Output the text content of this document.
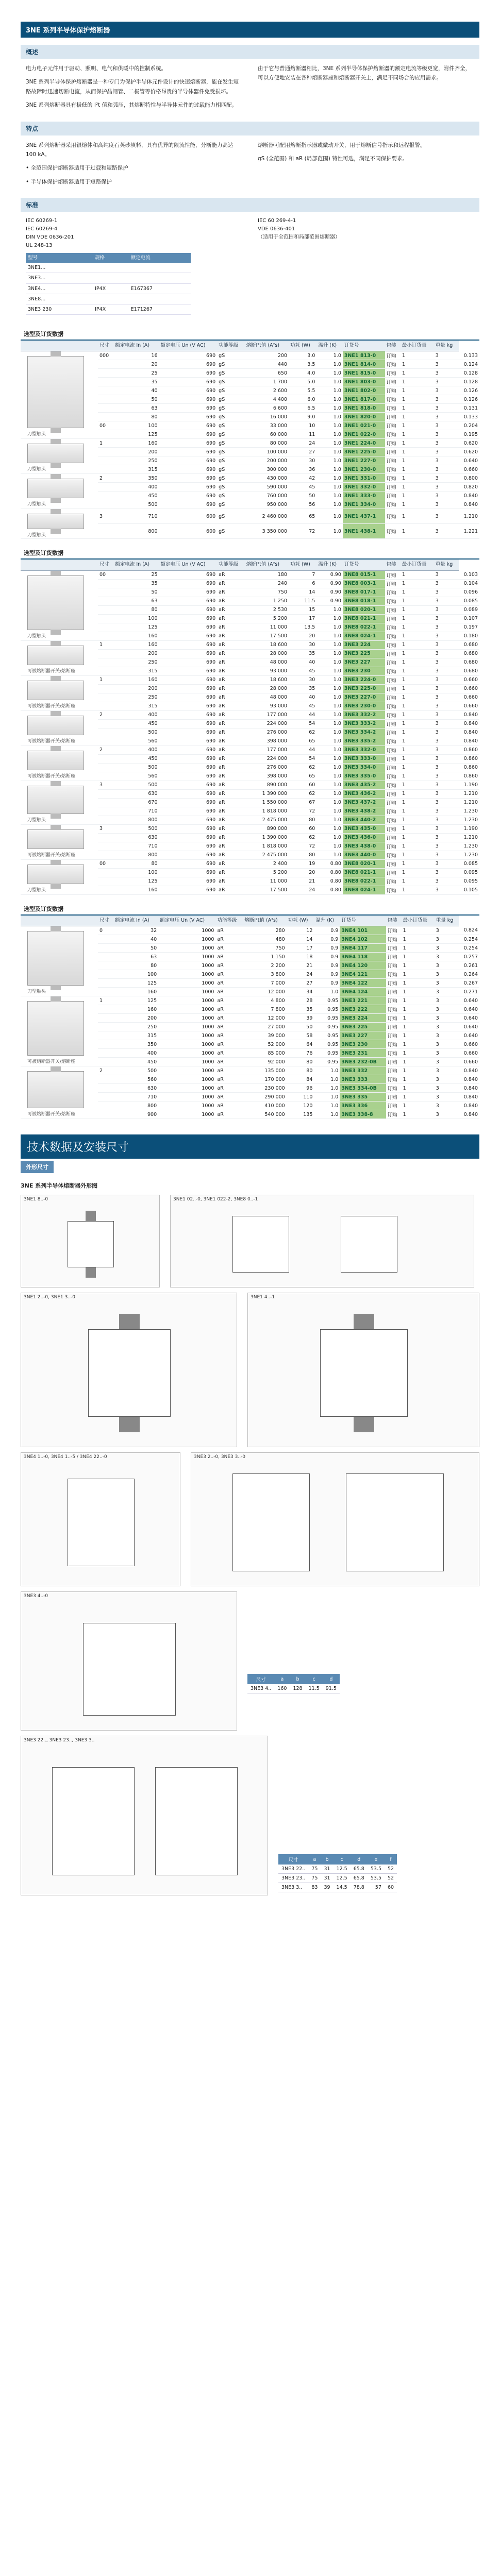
3NE 系列半导体保护熔断器
概述

电力电子元件用于驱动、照明、电气和供暖中的控制系统。

3NE 系列半导体保护熔断器是一种专门为保护半导体元件设计的快速熔断器，能在发生短路故障时迅速切断电流，从而保护晶闸管、二极管等价格昂贵的半导体器件免受损坏。

3NE 系列熔断器具有极低的 I²t 值和弧压，其熔断特性与半导体元件的过载能力相匹配。

由于它与普通熔断器相比，3NE 系列半导体保护熔断器的额定电流等级更宽，附件齐全，可以方便地安装在各种熔断器座和熔断器开关上，满足不同场合的应用需求。

特点

3NE 系列熔断器采用银熔体和高纯度石英砂填料，具有优异的限流性能，分断能力高达 100 kA。

• 全范围保护熔断器适用于过载和短路保护

• 半导体保护熔断器适用于短路保护

熔断器可配用熔断指示器或微动开关，用于熔断信号指示和远程报警。

gS (全范围) 和 aR (局部范围) 特性可选，满足不同保护要求。

标准
IEC 60269-1
IEC 60269-4
DIN VDE 0636-201
UL 248-13
型号	规格	额定电流
3NE1...		
3NE3...		
3NE4...	IP4X	E167367
3NE8...		
3NE3 230	IP4X	E171267
IEC 60 269-4-1
VDE 0636-401
（适用于全范围和局部范围熔断器）
选型及订货数据
	尺寸	额定电流 In (A)	额定电压 Un (V AC)	功能等级	熔断I²t值 (A²s)	功耗 (W)	温升 (K)	订货号	包装	最小订货量	重量 kg	

刀型触头	000	16	690	gS	200	3.0	1.0	3NE1 813-0	订购	1	3	0.133
		20	690	gS	440	3.5	1.0	3NE1 814-0	订购	1	3	0.124
		25	690	gS	650	4.0	1.0	3NE1 815-0	订购	1	3	0.128
		35	690	gS	1 700	5.0	1.0	3NE1 803-0	订购	1	3	0.128
		40	690	gS	2 600	5.5	1.0	3NE1 802-0	订购	1	3	0.126
		50	690	gS	4 400	6.0	1.0	3NE1 817-0	订购	1	3	0.126
		63	690	gS	6 600	6.5	1.0	3NE1 818-0	订购	1	3	0.131
		80	690	gS	16 000	9.0	1.0	3NE1 820-0	订购	1	3	0.133
	00	100	690	gS	33 000	10	1.0	3NE1 021-0	订购	1	3	0.204
		125	690	gS	60 000	11	1.0	3NE1 022-0	订购	1	3	0.195

刀型触头	1	160	690	gS	80 000	24	1.0	3NE1 224-0	订购	1	3	0.620
		200	690	gS	100 000	27	1.0	3NE1 225-0	订购	1	3	0.620
		250	690	gS	200 000	30	1.0	3NE1 227-0	订购	1	3	0.640
		315	690	gS	300 000	36	1.0	3NE1 230-0	订购	1	3	0.660

刀型触头	2	350	690	gS	430 000	42	1.0	3NE1 331-0	订购	1	3	0.800
		400	690	gS	590 000	45	1.0	3NE1 332-0	订购	1	3	0.820
		450	690	gS	760 000	50	1.0	3NE1 333-0	订购	1	3	0.840
		500	690	gS	950 000	56	1.0	3NE1 334-0	订购	1	3	0.840

刀型触头	3	710	600	gS	2 460 000	65	1.0	3NE1 437-1	订购	1	3	1.210
		800	600	gS	3 350 000	72	1.0	3NE1 438-1	订购	1	3	1.221
选型及订货数据
	尺寸	额定电流 In (A)	额定电压 Un (V AC)	功能等级	熔断I²t值 (A²s)	功耗 (W)	温升 (K)	订货号	包装	最小订货量	重量 kg	

刀型触头	00	25	690	aR	180	7	0.90	3NE8 015-1	订购	1	3	0.103
		35	690	aR	240	6	0.90	3NE8 003-1	订购	1	3	0.104
		50	690	aR	750	14	0.90	3NE8 017-1	订购	1	3	0.096
		63	690	aR	1 250	11.5	0.90	3NE8 018-1	订购	1	3	0.085
		80	690	aR	2 530	15	1.0	3NE8 020-1	订购	1	3	0.089
		100	690	aR	5 200	17	1.0	3NE8 021-1	订购	1	3	0.107
		125	690	aR	11 000	13.5	1.0	3NE8 022-1	订购	1	3	0.197
		160	690	aR	17 500	20	1.0	3NE8 024-1	订购	1	3	0.180

可被熔断器开关/熔断座	1	160	690	aR	18 600	30	1.0	3NE3 224	订购	1	3	0.680
		200	690	aR	28 000	35	1.0	3NE3 225	订购	1	3	0.680
		250	690	aR	48 000	40	1.0	3NE3 227	订购	1	3	0.680
		315	690	aR	93 000	45	1.0	3NE3 230	订购	1	3	0.680

可被熔断器开关/熔断座	1	160	690	aR	18 600	30	1.0	3NE3 224-0	订购	1	3	0.660
		200	690	aR	28 000	35	1.0	3NE3 225-0	订购	1	3	0.660
		250	690	aR	48 000	40	1.0	3NE3 227-0	订购	1	3	0.660
		315	690	aR	93 000	45	1.0	3NE3 230-0	订购	1	3	0.660

可被熔断器开关/熔断座	2	400	690	aR	177 000	44	1.0	3NE3 332-2	订购	1	3	0.840
		450	690	aR	224 000	54	1.0	3NE3 333-2	订购	1	3	0.840
		500	690	aR	276 000	62	1.0	3NE3 334-2	订购	1	3	0.840
		560	690	aR	398 000	65	1.0	3NE3 335-2	订购	1	3	0.840

可被熔断器开关/熔断座	2	400	690	aR	177 000	44	1.0	3NE3 332-0	订购	1	3	0.860
		450	690	aR	224 000	54	1.0	3NE3 333-0	订购	1	3	0.860
		500	690	aR	276 000	62	1.0	3NE3 334-0	订购	1	3	0.860
		560	690	aR	398 000	65	1.0	3NE3 335-0	订购	1	3	0.860

刀型触头	3	500	690	aR	890 000	60	1.0	3NE3 435-2	订购	1	3	1.190
		630	690	aR	1 390 000	62	1.0	3NE3 436-2	订购	1	3	1.210
		670	690	aR	1 550 000	67	1.0	3NE3 437-2	订购	1	3	1.210
		710	690	aR	1 818 000	72	1.0	3NE3 438-2	订购	1	3	1.230
		800	690	aR	2 475 000	80	1.0	3NE3 440-2	订购	1	3	1.230

可被熔断器开关/熔断座	3	500	690	aR	890 000	60	1.0	3NE3 435-0	订购	1	3	1.190
		630	690	aR	1 390 000	62	1.0	3NE3 436-0	订购	1	3	1.210
		710	690	aR	1 818 000	72	1.0	3NE3 438-0	订购	1	3	1.230
		800	690	aR	2 475 000	80	1.0	3NE3 440-0	订购	1	3	1.230

刀型触头	00	80	690	aR	2 400	19	0.80	3NE8 020-1	订购	1	3	0.085
		100	690	aR	5 200	20	0.80	3NE8 021-1	订购	1	3	0.095
		125	690	aR	11 000	21	0.80	3NE8 022-1	订购	1	3	0.095
		160	690	aR	17 500	24	0.80	3NE8 024-1	订购	1	3	0.105
选型及订货数据
	尺寸	额定电流 In (A)	额定电压 Un (V AC)	功能等级	熔断I²t值 (A²s)	功耗 (W)	温升 (K)	订货号	包装	最小订货量	重量 kg	

刀型触头	0	32	1000	aR	280	12	0.9	3NE4 101	订购	1	3	0.824
		40	1000	aR	480	14	0.9	3NE4 102	订购	1	3	0.254
		50	1000	aR	750	17	0.9	3NE4 117	订购	1	3	0.254
		63	1000	aR	1 150	18	0.9	3NE4 118	订购	1	3	0.257
		80	1000	aR	2 200	21	0.9	3NE4 120	订购	1	3	0.261
		100	1000	aR	3 800	24	0.9	3NE4 121	订购	1	3	0.264
		125	1000	aR	7 000	27	0.9	3NE4 122	订购	1	3	0.267
		160	1000	aR	12 000	34	1.0	3NE4 124	订购	1	3	0.271

可被熔断器开关/熔断座	1	125	1000	aR	4 800	28	0.95	3NE3 221	订购	1	3	0.640
		160	1000	aR	7 800	35	0.95	3NE3 222	订购	1	3	0.640
		200	1000	aR	12 000	39	0.95	3NE3 224	订购	1	3	0.640
		250	1000	aR	27 000	50	0.95	3NE3 225	订购	1	3	0.640
		315	1000	aR	39 000	58	0.95	3NE3 227	订购	1	3	0.640
		350	1000	aR	52 000	64	0.95	3NE3 230	订购	1	3	0.660
		400	1000	aR	85 000	76	0.95	3NE3 231	订购	1	3	0.660
		450	1000	aR	92 000	80	0.95	3NE3 232-0B	订购	1	3	0.660

可被熔断器开关/熔断座	2	500	1000	aR	135 000	80	1.0	3NE3 332	订购	1	3	0.840
		560	1000	aR	170 000	84	1.0	3NE3 333	订购	1	3	0.840
		630	1000	aR	230 000	96	1.0	3NE3 334-0B	订购	1	3	0.840
		710	1000	aR	290 000	110	1.0	3NE3 335	订购	1	3	0.840
		800	1000	aR	410 000	120	1.0	3NE3 336	订购	1	3	0.840
		900	1000	aR	540 000	135	1.0	3NE3 338-8	订购	1	3	0.840
技术数据及安装尺寸
外形尺寸
3NE 系列半导体熔断器外形图
3NE1 8..-0	3NE1 02..-0, 3NE1 022-2, 3NE8 0..-1
3NE1 2..-0, 3NE1 3..-0	3NE1 4..-1
3NE4 1..-0, 3NE4 1..-5 / 3NE4 22..-0	3NE3 2..-0, 3NE3 3..-0
3NE3 4..-0
尺寸	a	b	c	d
3NE3 4..	160	128	11.5	91.5
3NE3 22.., 3NE3 23.., 3NE3 3..
尺寸	a	b	c	d	e	f
3NE3 22..	75	31	12.5	65.8	53.5	52
3NE3 23..	75	31	12.5	65.8	53.5	52
3NE3 3..	83	39	14.5	78.8	57	60
